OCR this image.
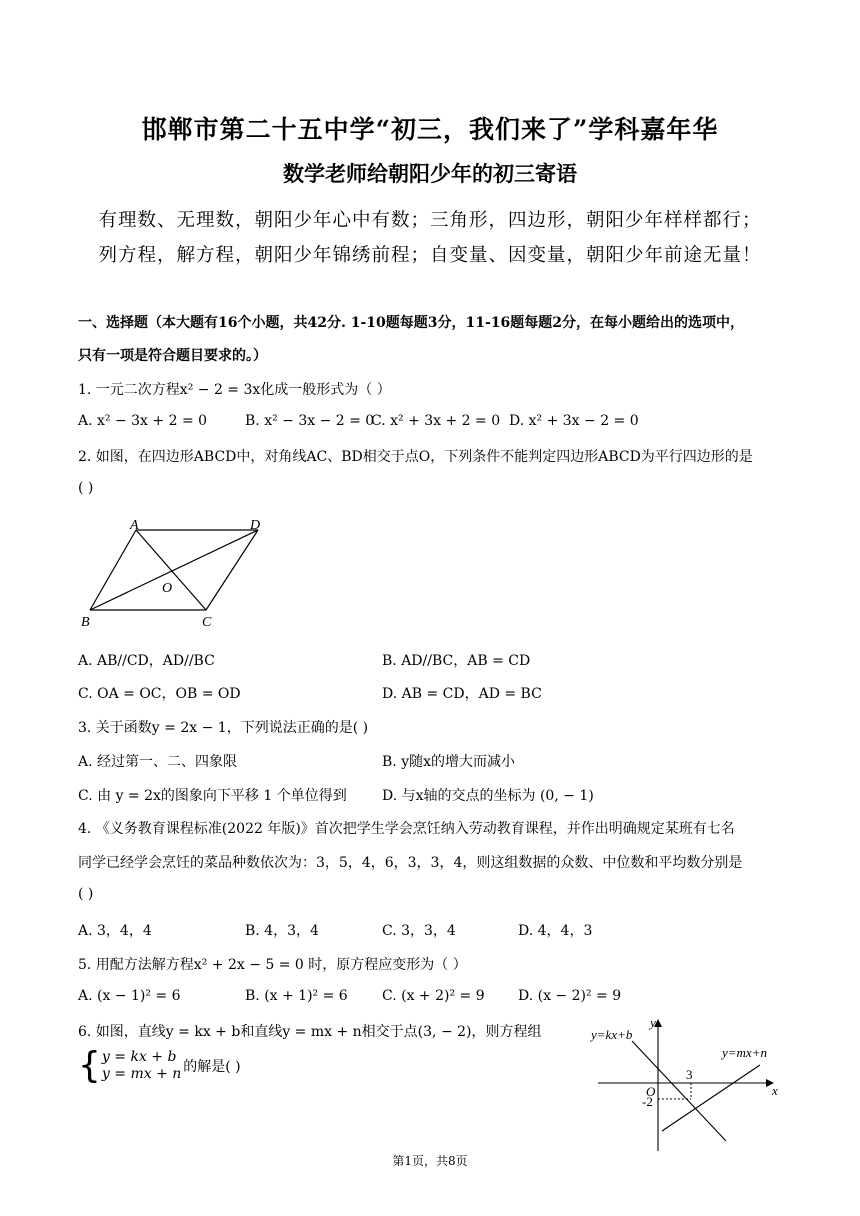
邯郸市第二十五中学“初三，我们来了”学科嘉年华
数学老师给朝阳少年的初三寄语
有理数、无理数，朝阳少年心中有数；三角形，四边形，朝阳少年样样都行；
列方程，解方程，朝阳少年锦绣前程；自变量、因变量，朝阳少年前途无量！
一、选择题（本大题有16个小题，共42分. 1-10题每题3分，11-16题每题2分，在每小题给出的选项中，
只有一项是符合题目要求的。）
1. 一元二次方程x² − 2 = 3x化成一般形式为（ ）
A. x² − 3x + 2 = 0	B. x² − 3x − 2 = 0
C. x² + 3x + 2 = 0 D. x² + 3x − 2 = 0
2. 如图，在四边形ABCD中，对角线AC、BD相交于点O，下列条件不能判定四边形ABCD为平行四边形的是
( )
A	D
B	C
O
A. AB//CD，AD//BC	B. AD//BC，AB = CD
C. OA = OC，OB = OD	D. AB = CD，AD = BC
3. 关于函数y = 2x − 1，下列说法正确的是( )
A. 经过第一、二、四象限	B. y随x的增大而减小
C. 由 y = 2x的图象向下平移 1 个单位得到	D. 与x轴的交点的坐标为 (0, − 1)
4. 《义务教育课程标准(2022 年版)》首次把学生学会烹饪纳入劳动教育课程，并作出明确规定某班有七名
同学已经学会烹饪的菜品种数依次为：3，5，4，6，3，3，4，则这组数据的众数、中位数和平均数分别是
( )
A. 3，4，4	B. 4，3，4	C. 3，3，4	D. 4，4，3
5. 用配方法解方程x² + 2x − 5 = 0 时，原方程应变形为（ ）
A. (x − 1)² = 6	B. (x + 1)² = 6 C. (x + 2)² = 9 D. (x − 2)² = 9
6. 如图，直线y = kx + b和直线y = mx + n相交于点(3, − 2)，则方程组
{ y = kx + b
y = mx + n 的解是( )
y=kx+b
y=mx+n
y
x
O
3
-2
第1页，共8页
